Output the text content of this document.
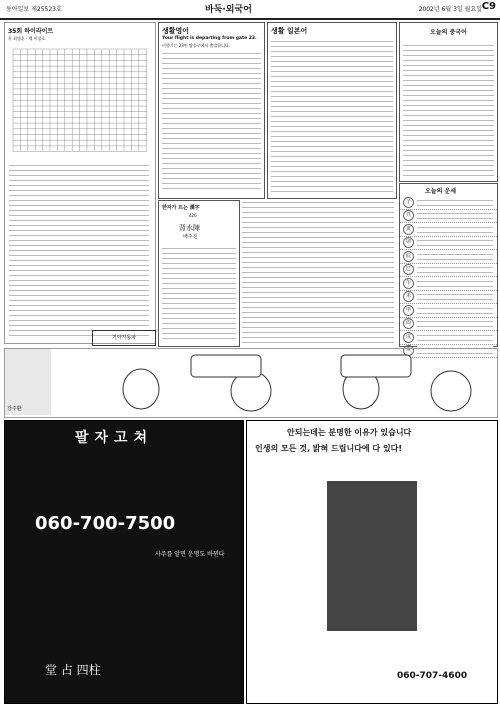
동아일보 제25523호	바둑·외국어	2002년 6월 3일 월요일 C9
35회 하이라이트
흑 최명훈 · 백 이창호
생활영어
Your flight is departing from gate 23.
비행기는 23번 탑승구에서 출발합니다.
생활 일본어	오늘의 중국어
한자가 뜨는 漢字
426
背水陣
배수진
오늘의 운세
子
丑
寅
卯
辰
巳
午
未
申
酉
戌
亥
기아자동차
강주환
팔자고쳐
060-700-7500
사주를 알면 운명도 바뀐다
堂 占 四柱
안되는데는 분명한 이유가 있습니다
인생의 모든 것, 밝혀 드립니다에 다 있다!
060-707-4600
